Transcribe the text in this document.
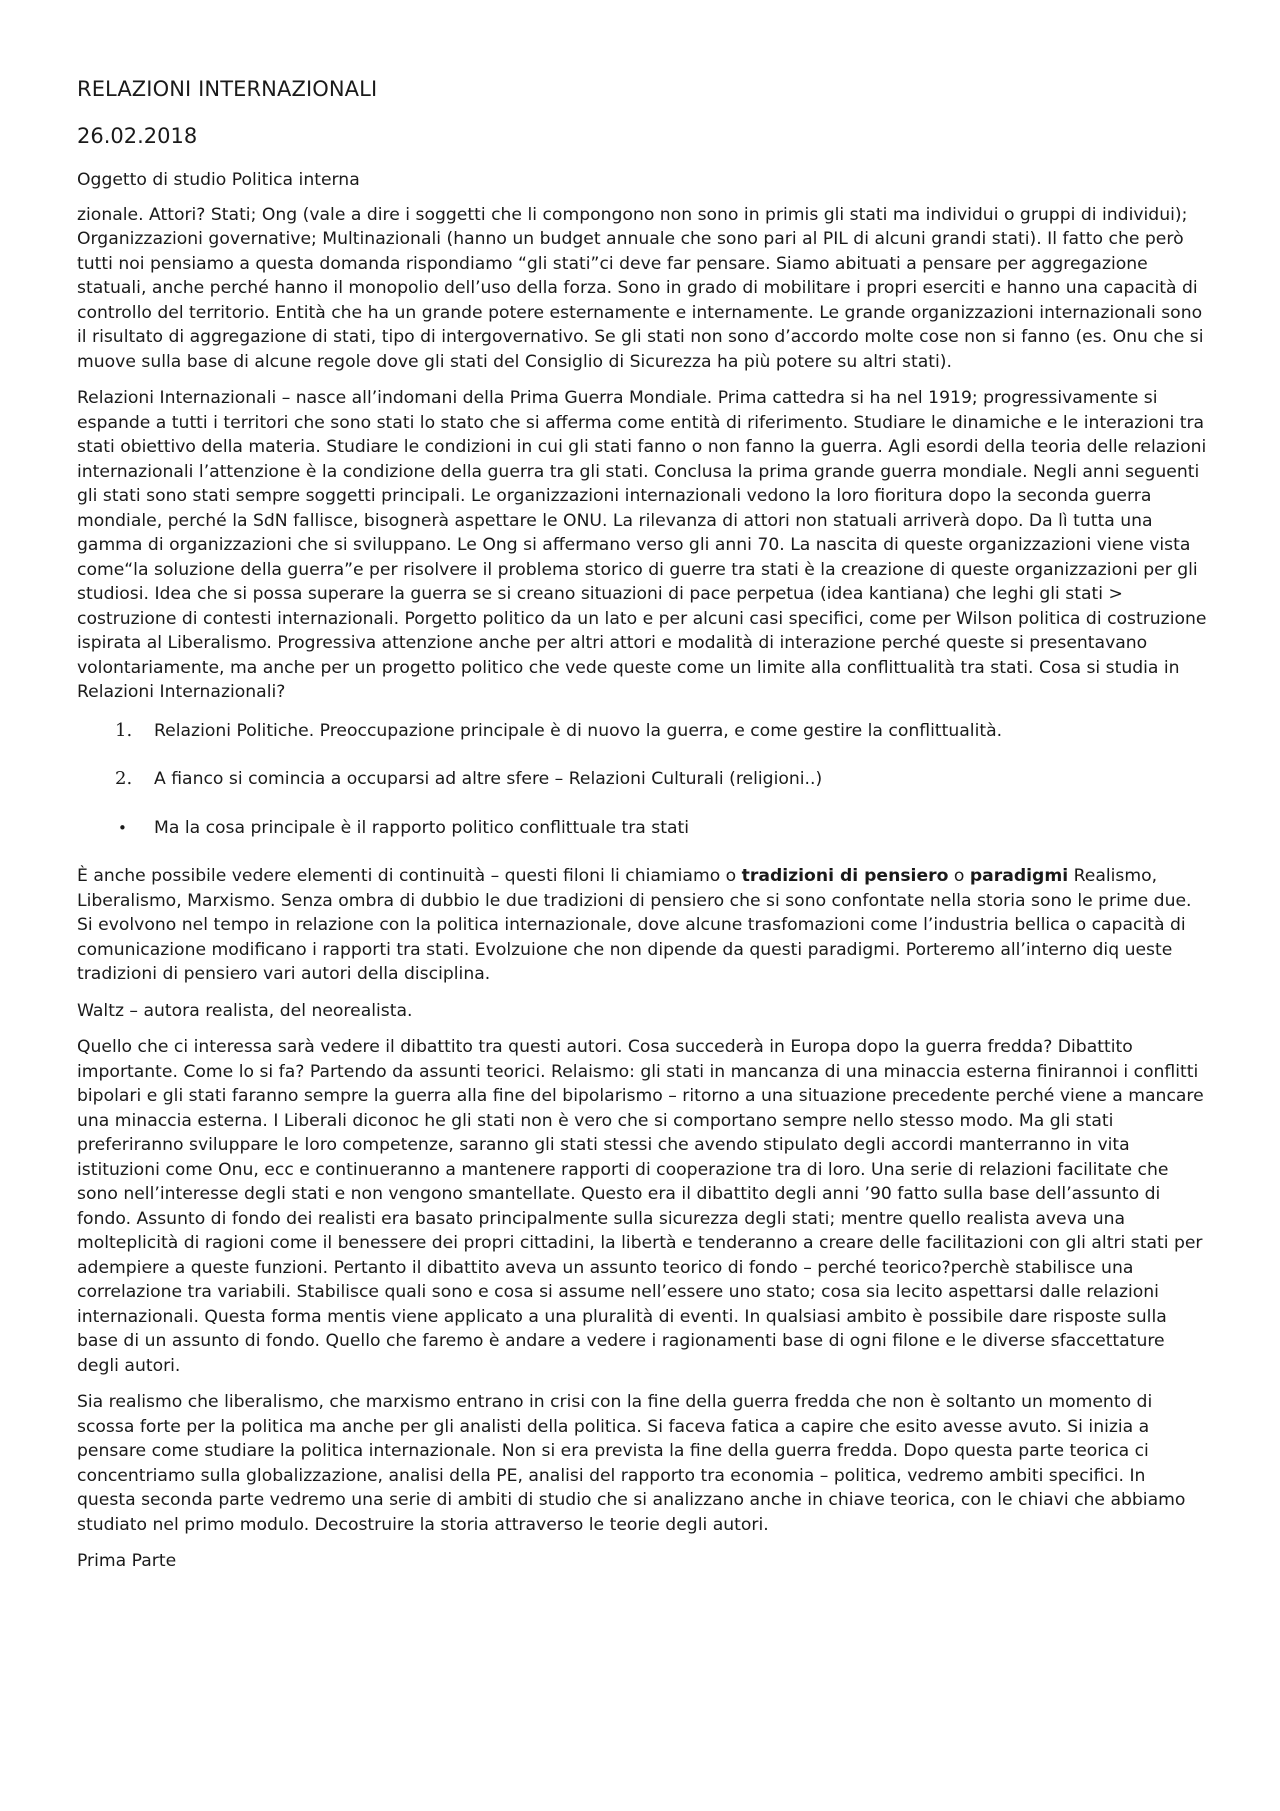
RELAZIONI INTERNAZIONALI
26.02.2018

Oggetto di studio Politica interna

zionale. Attori? Stati; Ong (vale a dire i soggetti che li compongono non sono in primis gli stati ma individui o gruppi di individui); Organizzazioni governative; Multinazionali (hanno un budget annuale che sono pari al PIL di alcuni grandi stati). Il fatto che però tutti noi pensiamo a questa domanda rispondiamo “gli stati”ci deve far pensare. Siamo abituati a pensare per aggregazione statuali, anche perché hanno il monopolio dell’uso della forza. Sono in grado di mobilitare i propri eserciti e hanno una capacità di controllo del territorio. Entità che ha un grande potere esternamente e internamente. Le grande organizzazioni internazionali sono il risultato di aggregazione di stati, tipo di intergovernativo. Se gli stati non sono d’accordo molte cose non si fanno (es. Onu che si muove sulla base di alcune regole dove gli stati del Consiglio di Sicurezza ha più potere su altri stati).

Relazioni Internazionali – nasce all’indomani della Prima Guerra Mondiale. Prima cattedra si ha nel 1919; progressivamente si espande a tutti i territori che sono stati lo stato che si afferma come entità di riferimento. Studiare le dinamiche e le interazioni tra stati obiettivo della materia. Studiare le condizioni in cui gli stati fanno o non fanno la guerra. Agli esordi della teoria delle relazioni internazionali l’attenzione è la condizione della guerra tra gli stati. Conclusa la prima grande guerra mondiale. Negli anni seguenti gli stati sono stati sempre soggetti principali. Le organizzazioni internazionali vedono la loro fioritura dopo la seconda guerra mondiale, perché la SdN fallisce, bisognerà aspettare le ONU. La rilevanza di attori non statuali arriverà dopo. Da lì tutta una gamma di organizzazioni che si sviluppano. Le Ong si affermano verso gli anni 70. La nascita di queste organizzazioni viene vista come“la soluzione della guerra”e per risolvere il problema storico di guerre tra stati è la creazione di queste organizzazioni per gli studiosi. Idea che si possa superare la guerra se si creano situazioni di pace perpetua (idea kantiana) che leghi gli stati > costruzione di contesti internazionali. Porgetto politico da un lato e per alcuni casi specifici, come per Wilson politica di costruzione ispirata al Liberalismo. Progressiva attenzione anche per altri attori e modalità di interazione perché queste si presentavano volontariamente, ma anche per un progetto politico che vede queste come un limite alla conflittualità tra stati. Cosa si studia in Relazioni Internazionali?

1. Relazioni Politiche. Preoccupazione principale è di nuovo la guerra, e come gestire la conflittualità.
2. A fianco si comincia a occuparsi ad altre sfere – Relazioni Culturali (religioni..)
• Ma la cosa principale è il rapporto politico conflittuale tra stati

È anche possibile vedere elementi di continuità – questi filoni li chiamiamo o tradizioni di pensiero o paradigmi Realismo, Liberalismo, Marxismo. Senza ombra di dubbio le due tradizioni di pensiero che si sono confontate nella storia sono le prime due. Si evolvono nel tempo in relazione con la politica internazionale, dove alcune trasfomazioni come l’industria bellica o capacità di comunicazione modificano i rapporti tra stati. Evolzuione che non dipende da questi paradigmi. Porteremo all’interno diq ueste tradizioni di pensiero vari autori della disciplina.

Waltz – autora realista, del neorealista.

Quello che ci interessa sarà vedere il dibattito tra questi autori. Cosa succederà in Europa dopo la guerra fredda? Dibattito importante. Come lo si fa? Partendo da assunti teorici. Relaismo: gli stati in mancanza di una minaccia esterna finirannoi i conflitti bipolari e gli stati faranno sempre la guerra alla fine del bipolarismo – ritorno a una situazione precedente perché viene a mancare una minaccia esterna. I Liberali diconoc he gli stati non è vero che si comportano sempre nello stesso modo. Ma gli stati preferiranno sviluppare le loro competenze, saranno gli stati stessi che avendo stipulato degli accordi manterranno in vita istituzioni come Onu, ecc e continueranno a mantenere rapporti di cooperazione tra di loro. Una serie di relazioni facilitate che sono nell’interesse degli stati e non vengono smantellate. Questo era il dibattito degli anni ’90 fatto sulla base dell’assunto di fondo. Assunto di fondo dei realisti era basato principalmente sulla sicurezza degli stati; mentre quello realista aveva una molteplicità di ragioni come il benessere dei propri cittadini, la libertà e tenderanno a creare delle facilitazioni con gli altri stati per adempiere a queste funzioni. Pertanto il dibattito aveva un assunto teorico di fondo – perché teorico?perchè stabilisce una correlazione tra variabili. Stabilisce quali sono e cosa si assume nell’essere uno stato; cosa sia lecito aspettarsi dalle relazioni internazionali. Questa forma mentis viene applicato a una pluralità di eventi. In qualsiasi ambito è possibile dare risposte sulla base di un assunto di fondo. Quello che faremo è andare a vedere i ragionamenti base di ogni filone e le diverse sfaccettature degli autori.

Sia realismo che liberalismo, che marxismo entrano in crisi con la fine della guerra fredda che non è soltanto un momento di scossa forte per la politica ma anche per gli analisti della politica. Si faceva fatica a capire che esito avesse avuto. Si inizia a pensare come studiare la politica internazionale. Non si era prevista la fine della guerra fredda. Dopo questa parte teorica ci concentriamo sulla globalizzazione, analisi della PE, analisi del rapporto tra economia – politica, vedremo ambiti specifici. In questa seconda parte vedremo una serie di ambiti di studio che si analizzano anche in chiave teorica, con le chiavi che abbiamo studiato nel primo modulo. Decostruire la storia attraverso le teorie degli autori.

Prima Parte
